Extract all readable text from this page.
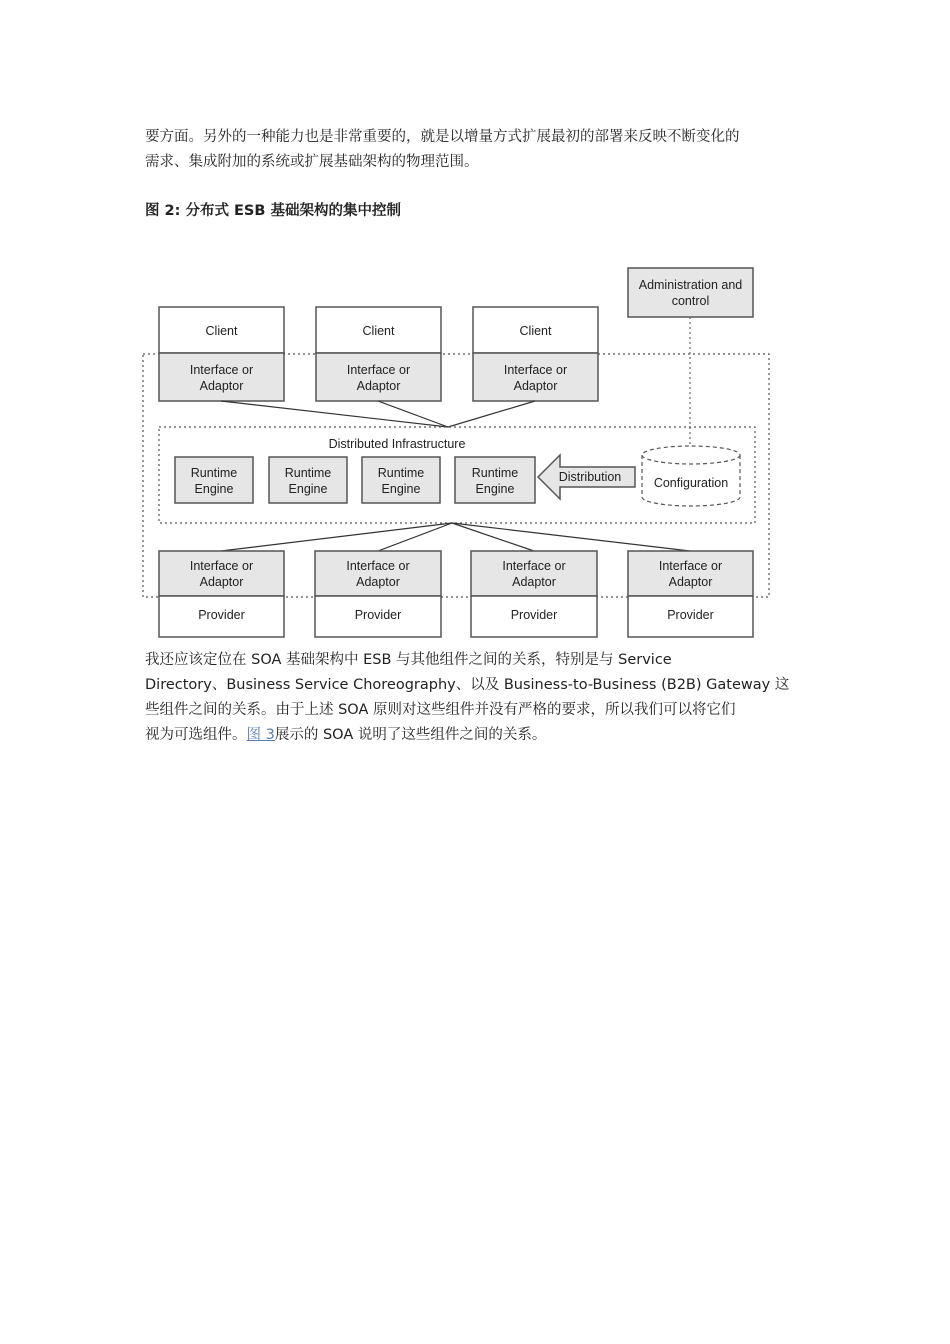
要方面。另外的一种能力也是非常重要的，就是以增量方式扩展最初的部署来反映不断变化的
需求、集成附加的系统或扩展基础架构的物理范围。

图 2: 分布式 ESB 基础架构的集中控制

Administration and
control
Client
Interface or
Adaptor
Client
Interface or
Adaptor
Client
Interface or
Adaptor
Distributed Infrastructure
Runtime
Engine
Runtime
Engine
Runtime
Engine
Runtime
Engine
Distribution	Configuration
Interface or
Adaptor
Provider
Interface or
Adaptor
Provider
Interface or
Adaptor
Provider
Interface or
Adaptor
Provider

我还应该定位在 SOA 基础架构中 ESB 与其他组件之间的关系，特别是与 Service
Directory、Business Service Choreography、以及 Business-to-Business (B2B) Gateway 这
些组件之间的关系。由于上述 SOA 原则对这些组件并没有严格的要求，所以我们可以将它们
视为可选组件。图 3展示的 SOA 说明了这些组件之间的关系。
